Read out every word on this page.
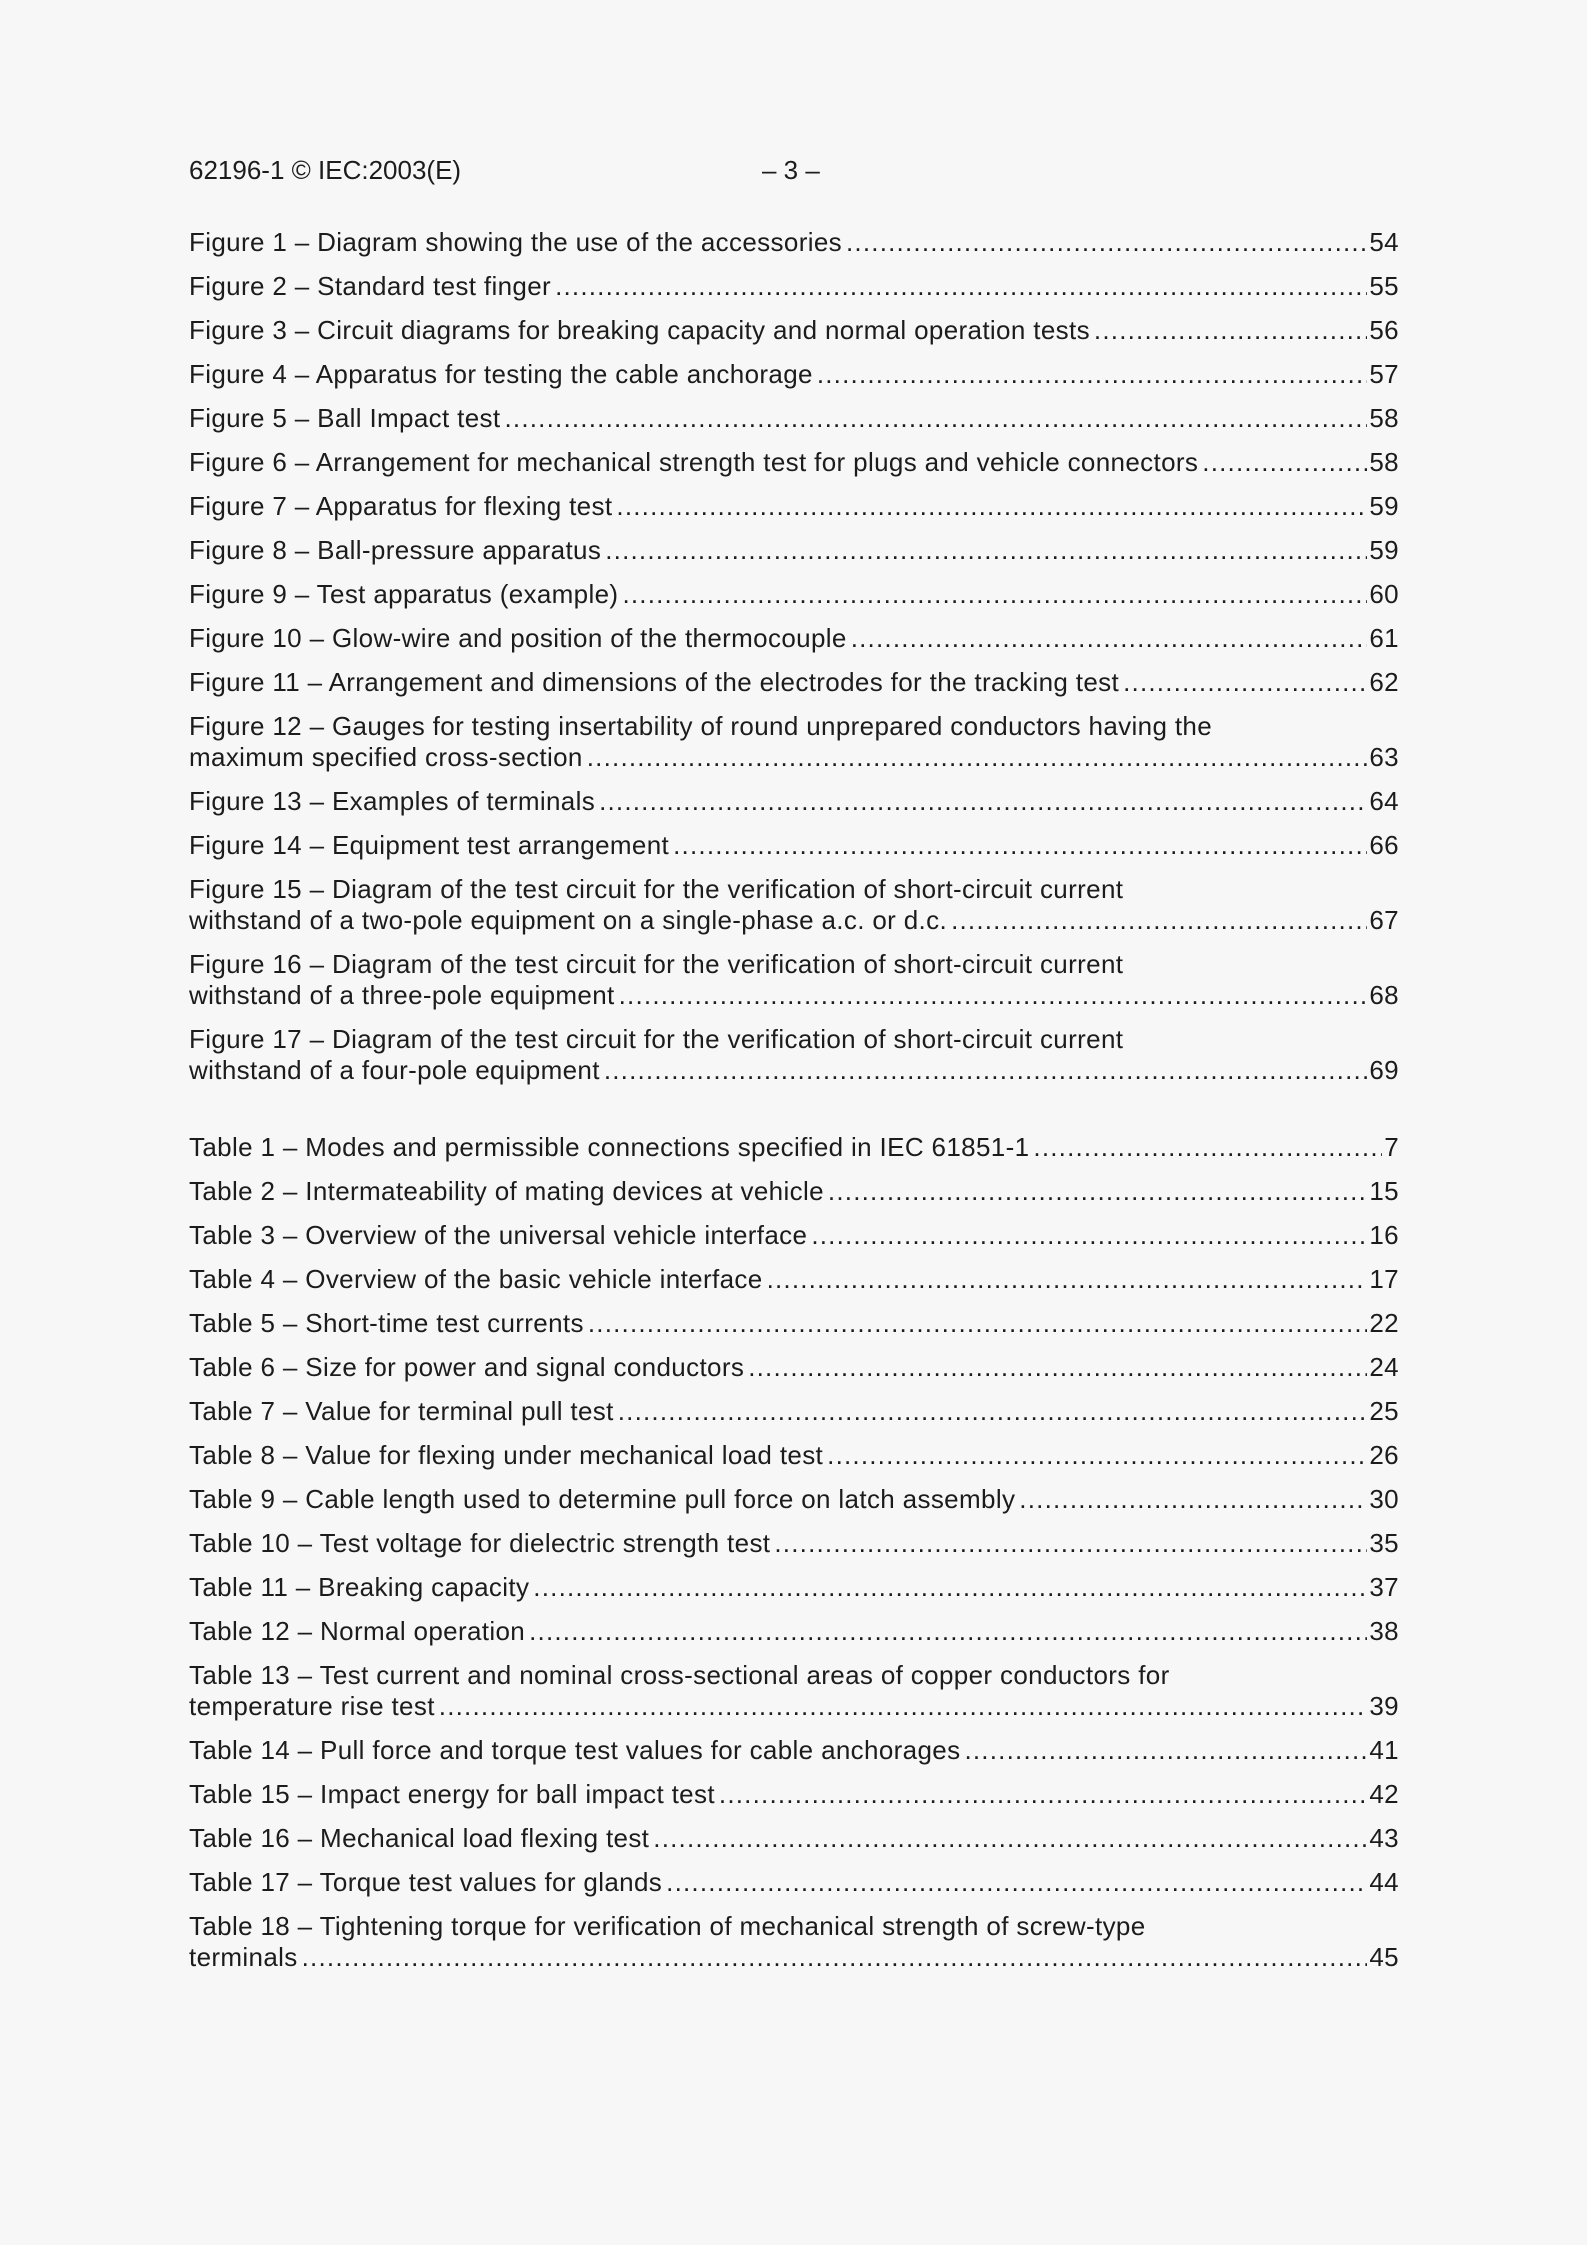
62196-1 © IEC:2003(E)	– 3 –
Figure 1 – Diagram showing the use of the accessories .....	54
Figure 2 – Standard test finger .....	55
Figure 3 – Circuit diagrams for breaking capacity and normal operation tests .....	56
Figure 4 – Apparatus for testing the cable anchorage .....	57
Figure 5 – Ball Impact test .....	58
Figure 6 – Arrangement for mechanical strength test for plugs and vehicle connectors .....	58
Figure 7 – Apparatus for flexing test .....	59
Figure 8 – Ball-pressure apparatus .....	59
Figure 9 – Test apparatus (example) .....	60
Figure 10 – Glow-wire and position of the thermocouple .....	61
Figure 11 – Arrangement and dimensions of the electrodes for the tracking test .....	62
Figure 12 – Gauges for testing insertability of round unprepared conductors having the
maximum specified cross-section .....	63
Figure 13 – Examples of terminals .....	64
Figure 14 – Equipment test arrangement .....	66
Figure 15 – Diagram of the test circuit for the verification of short-circuit current
withstand of a two-pole equipment on a single-phase a.c. or d.c. .....	67
Figure 16 – Diagram of the test circuit for the verification of short-circuit current
withstand of a three-pole equipment .....	68
Figure 17 – Diagram of the test circuit for the verification of short-circuit current
withstand of a four-pole equipment .....	69
Table 1 – Modes and permissible connections specified in IEC 61851-1 .....	7
Table 2 – Intermateability of mating devices at vehicle .....	15
Table 3 – Overview of the universal vehicle interface .....	16
Table 4 – Overview of the basic vehicle interface .....	17
Table 5 – Short-time test currents .....	22
Table 6 – Size for power and signal conductors .....	24
Table 7 – Value for terminal pull test .....	25
Table 8 – Value for flexing under mechanical load test .....	26
Table 9 – Cable length used to determine pull force on latch assembly .....	30
Table 10 – Test voltage for dielectric strength test .....	35
Table 11 – Breaking capacity .....	37
Table 12 – Normal operation .....	38
Table 13 – Test current and nominal cross-sectional areas of copper conductors for
temperature rise test .....	39
Table 14 – Pull force and torque test values for cable anchorages .....	41
Table 15 – Impact energy for ball impact test .....	42
Table 16 – Mechanical load flexing test .....	43
Table 17 – Torque test values for glands .....	44
Table 18 – Tightening torque for verification of mechanical strength of screw-type
terminals .....	45
